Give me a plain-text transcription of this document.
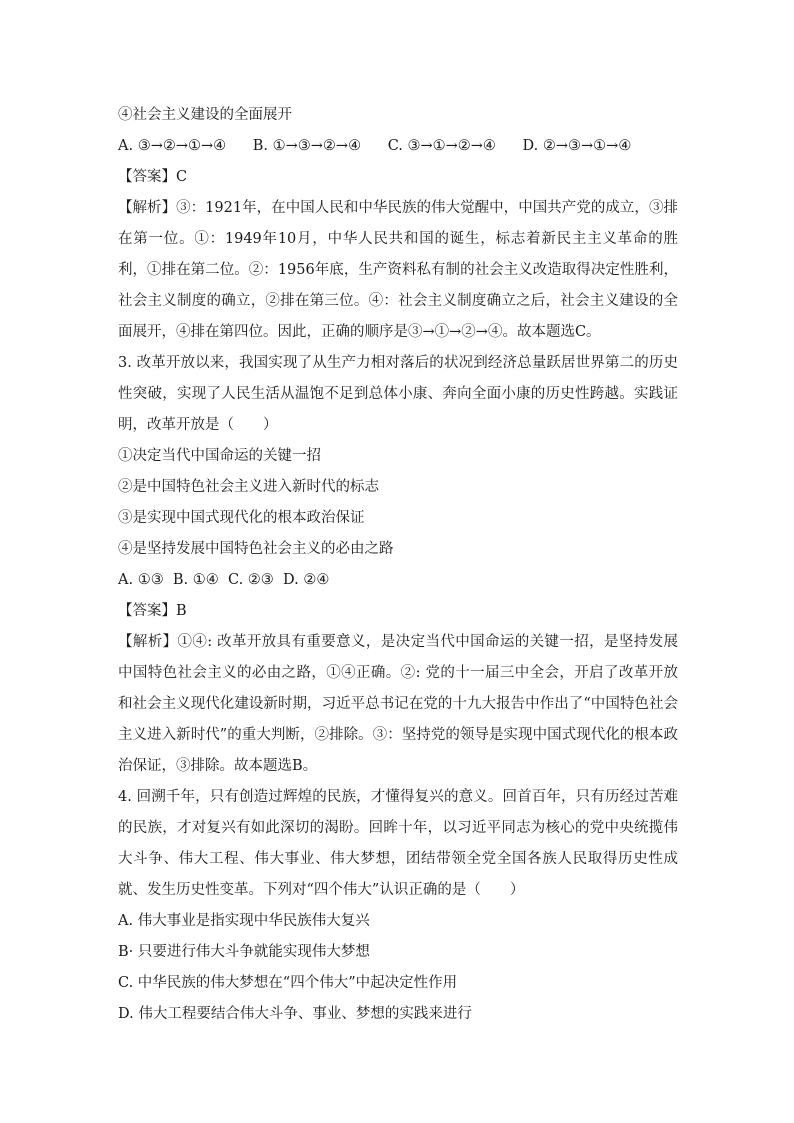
④社会主义建设的全面展开
A. ③→②→①→④ B. ①→③→②→④ C. ③→①→②→④ D. ②→③→①→④
【答案】C
【解析】③：1921年，在中国人民和中华民族的伟大觉醒中，中国共产党的成立，③排在第一位。①：1949年10月，中华人民共和国的诞生，标志着新民主主义革命的胜利，①排在第二位。②：1956年底，生产资料私有制的社会主义改造取得决定性胜利，社会主义制度的确立，②排在第三位。④：社会主义制度确立之后，社会主义建设的全面展开，④排在第四位。因此，正确的顺序是③→①→②→④。故本题选C。
3. 改革开放以来，我国实现了从生产力相对落后的状况到经济总量跃居世界第二的历史性突破，实现了人民生活从温饱不足到总体小康、奔向全面小康的历史性跨越。实践证明，改革开放是（　　）
①决定当代中国命运的关键一招
②是中国特色社会主义进入新时代的标志
③是实现中国式现代化的根本政治保证
④是坚持发展中国特色社会主义的必由之路
A. ①③  B. ①④  C. ②③  D. ②④
【答案】B
【解析】①④: 改革开放具有重要意义，是决定当代中国命运的关键一招，是坚持发展中国特色社会主义的必由之路，①④正确。②: 党的十一届三中全会，开启了改革开放和社会主义现代化建设新时期，习近平总书记在党的十九大报告中作出了“中国特色社会主义进入新时代”的重大判断，②排除。③：坚持党的领导是实现中国式现代化的根本政治保证，③排除。故本题选B。
4. 回溯千年，只有创造过辉煌的民族，才懂得复兴的意义。回首百年，只有历经过苦难的民族，才对复兴有如此深切的渴盼。回眸十年，以习近平同志为核心的党中央统揽伟大斗争、伟大工程、伟大事业、伟大梦想，团结带领全党全国各族人民取得历史性成就、发生历史性变革。下列对“四个伟大”认识正确的是（　　）
A. 伟大事业是指实现中华民族伟大复兴
B· 只要进行伟大斗争就能实现伟大梦想
C. 中华民族的伟大梦想在“四个伟大”中起决定性作用
D. 伟大工程要结合伟大斗争、事业、梦想的实践来进行
